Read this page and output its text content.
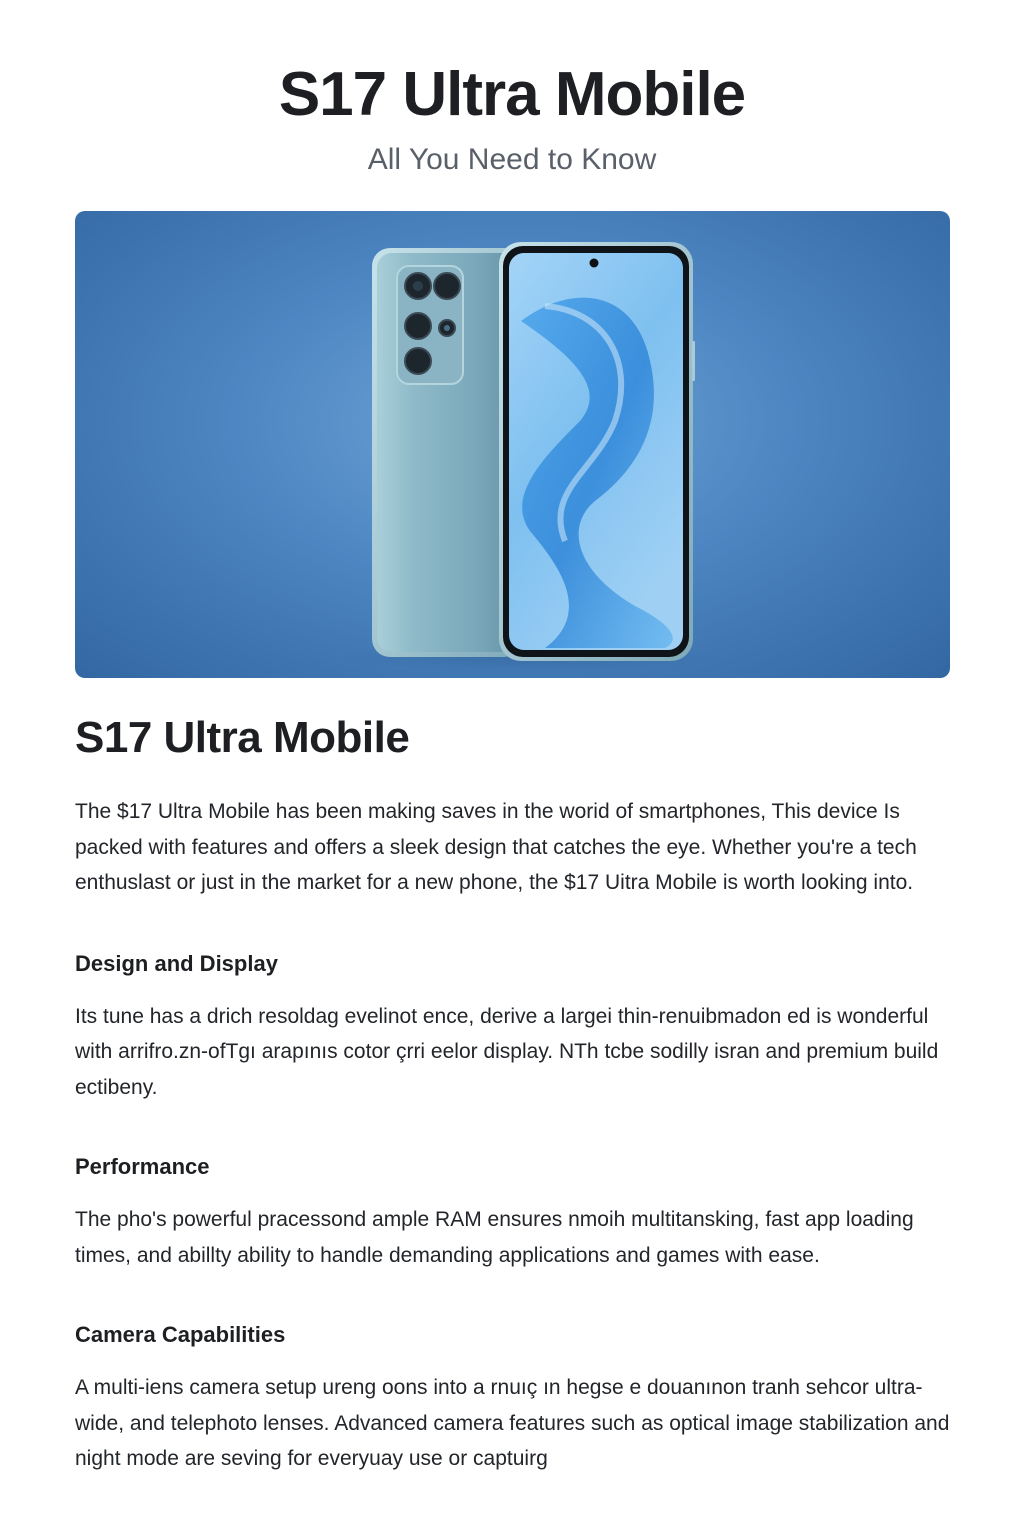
S17 Ultra Mobile

All You Need to Know

S17 Ultra Mobile

The $17 Ultra Mobile has been making saves in the worid of smartphones, This device Is packed with features and offers a sleek design that catches the eye. Whether you're a tech enthuslast or just in the market for a new phone, the $17 Uitra Mobile is worth looking into.

Design and Display

Its tune has a drich resoldag evelinot ence, derive a largei thin-renuibmadon ed is wonderful with arrifro.zn-ofTgı arapınıs cotor çrri eelor display. NTh tcbe sodilly isran and premium build ectibeny.

Performance

The pho's powerful pracessond ample RAM ensures nmoih multitansking, fast app loading times, and abillty ability to handle demanding applications and games with ease.

Camera Capabilities

A multi-iens camera setup ureng oons into a rnuıç ın hegse e douanınon tranh sehcor ultra-wide, and telephoto lenses. Advanced camera features such as optical image stabilization and night mode are seving for everyuay use or captuirg
